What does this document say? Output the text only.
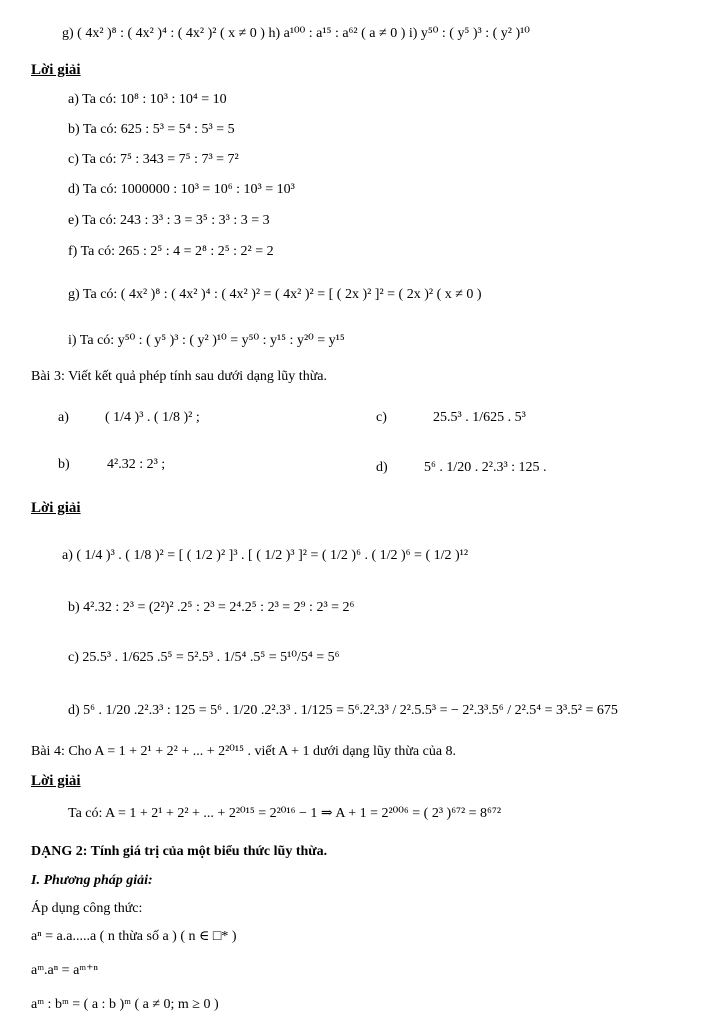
g) ( 4x² )⁸ : ( 4x² )⁴ : ( 4x² )² ( x ≠ 0 ) h) a¹⁰⁰ : a¹⁵ : a⁶² ( a ≠ 0 ) i) y⁵⁰ : ( y⁵ )³ : ( y² )¹⁰
Lời giải
a) Ta có: 10⁸ : 10³ : 10⁴ = 10
b) Ta có: 625 : 5³ = 5⁴ : 5³ = 5
c) Ta có: 7⁵ : 343 = 7⁵ : 7³ = 7²
d) Ta có: 1000000 : 10³ = 10⁶ : 10³ = 10³
e) Ta có: 243 : 3³ : 3 = 3⁵ : 3³ : 3 = 3
f) Ta có: 265 : 2⁵ : 4 = 2⁸ : 2⁵ : 2² = 2
g) Ta có: ( 4x² )⁸ : ( 4x² )⁴ : ( 4x² )² = ( 4x² )² = [ ( 2x )² ]² = ( 2x )² ( x ≠ 0 )
i) Ta có: y⁵⁰ : ( y⁵ )³ : ( y² )¹⁰ = y⁵⁰ : y¹⁵ : y²⁰ = y¹⁵
Bài 3: Viết kết quả phép tính sau dưới dạng lũy thừa.
a)	( 1/4 )³ . ( 1/8 )² ;	c)	25.5³ . 1/625 . 5³
b)	4².32 : 2³ ;	d)	5⁶ . 1/20 . 2².3³ : 125 .
Lời giải
a) ( 1/4 )³ . ( 1/8 )² = [ ( 1/2 )² ]³ . [ ( 1/2 )³ ]² = ( 1/2 )⁶ . ( 1/2 )⁶ = ( 1/2 )¹²
b) 4².32 : 2³ = (2²)² .2⁵ : 2³ = 2⁴.2⁵ : 2³ = 2⁹ : 2³ = 2⁶
c) 25.5³ . 1/625 .5⁵ = 5².5³ . 1/5⁴ .5⁵ = 5¹⁰/5⁴ = 5⁶
d) 5⁶ . 1/20 .2².3³ : 125 = 5⁶ . 1/20 .2².3³ . 1/125 = 5⁶.2².3³ / 2².5.5³ = − 2².3³.5⁶ / 2².5⁴ = 3³.5² = 675
Bài 4: Cho A = 1 + 2¹ + 2² + ... + 2²⁰¹⁵ . viết A + 1 dưới dạng lũy thừa của 8.
Lời giải
Ta có: A = 1 + 2¹ + 2² + ... + 2²⁰¹⁵ = 2²⁰¹⁶ − 1 ⇒ A + 1 = 2²⁰⁰⁶ = ( 2³ )⁶⁷² = 8⁶⁷²
DẠNG 2: Tính giá trị của một biểu thức lũy thừa.
I. Phương pháp giải:
Áp dụng công thức:
aⁿ = a.a.....a ( n thừa số a ) ( n ∈ □* )
aᵐ.aⁿ = aᵐ⁺ⁿ
aᵐ : bᵐ = ( a : b )ᵐ ( a ≠ 0; m ≥ 0 )
